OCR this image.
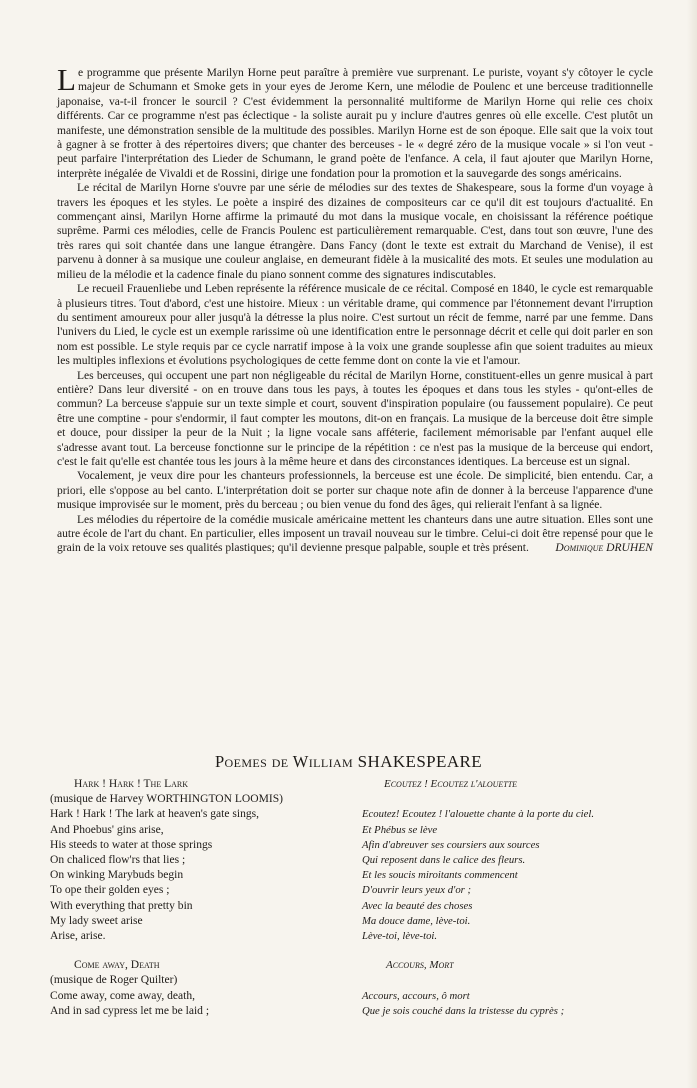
Le programme que présente Marilyn Horne peut paraître à première vue surprenant. Le puriste, voyant s'y côtoyer le cycle majeur de Schumann et Smoke gets in your eyes de Jerome Kern, une mélodie de Poulenc et une berceuse traditionnelle japonaise, va-t-il froncer le sourcil ? C'est évidemment la personnalité multiforme de Marilyn Horne qui relie ces choix différents. Car ce programme n'est pas éclectique - la soliste aurait pu y inclure d'autres genres où elle excelle. C'est plutôt un manifeste, une démonstration sensible de la multitude des possibles. Marilyn Horne est de son époque. Elle sait que la voix tout à gagner à se frotter à des répertoires divers; que chanter des berceuses - le « degré zéro de la musique vocale » si l'on veut - peut parfaire l'interprétation des Lieder de Schumann, le grand poète de l'enfance. A cela, il faut ajouter que Marilyn Horne, interprète inégalée de Vivaldi et de Rossini, dirige une fondation pour la promotion et la sauvegarde des songs américains.

Le récital de Marilyn Horne s'ouvre par une série de mélodies sur des textes de Shakespeare, sous la forme d'un voyage à travers les époques et les styles. Le poète a inspiré des dizaines de compositeurs car ce qu'il dit est toujours d'actualité. En commençant ainsi, Marilyn Horne affirme la primauté du mot dans la musique vocale, en choisissant la référence poétique suprême. Parmi ces mélodies, celle de Francis Poulenc est particulièrement remarquable. C'est, dans tout son œuvre, l'une des très rares qui soit chantée dans une langue étrangère. Dans Fancy (dont le texte est extrait du Marchand de Venise), il est parvenu à donner à sa musique une couleur anglaise, en demeurant fidèle à la musicalité des mots. Et seules une modulation au milieu de la mélodie et la cadence finale du piano sonnent comme des signatures indiscutables.

Le recueil Frauenliebe und Leben représente la référence musicale de ce récital. Composé en 1840, le cycle est remarquable à plusieurs titres. Tout d'abord, c'est une histoire. Mieux : un véritable drame, qui commence par l'étonnement devant l'irruption du sentiment amoureux pour aller jusqu'à la détresse la plus noire. C'est surtout un récit de femme, narré par une femme. Dans l'univers du Lied, le cycle est un exemple rarissime où une identification entre le personnage décrit et celle qui doit parler en son nom est possible. Le style requis par ce cycle narratif impose à la voix une grande souplesse afin que soient traduites au mieux les multiples inflexions et évolutions psychologiques de cette femme dont on conte la vie et l'amour.

Les berceuses, qui occupent une part non négligeable du récital de Marilyn Horne, constituent-elles un genre musical à part entière? Dans leur diversité - on en trouve dans tous les pays, à toutes les époques et dans tous les styles - qu'ont-elles de commun? La berceuse s'appuie sur un texte simple et court, souvent d'inspiration populaire (ou faussement populaire). Ce peut être une comptine - pour s'endormir, il faut compter les moutons, dit-on en français. La musique de la berceuse doit être simple et douce, pour dissiper la peur de la Nuit ; la ligne vocale sans afféterie, facilement mémorisable par l'enfant auquel elle s'adresse avant tout. La berceuse fonctionne sur le principe de la répétition : ce n'est pas la musique de la berceuse qui endort, c'est le fait qu'elle est chantée tous les jours à la même heure et dans des circonstances identiques. La berceuse est un signal.

Vocalement, je veux dire pour les chanteurs professionnels, la berceuse est une école. De simplicité, bien entendu. Car, a priori, elle s'oppose au bel canto. L'interprétation doit se porter sur chaque note afin de donner à la berceuse l'apparence d'une musique improvisée sur le moment, près du berceau ; ou bien venue du fond des âges, qui relierait l'enfant à sa lignée.

Les mélodies du répertoire de la comédie musicale américaine mettent les chanteurs dans une autre situation. Elles sont une autre école de l'art du chant. En particulier, elles imposent un travail nouveau sur le timbre. Celui-ci doit être repensé pour que le grain de la voix retouve ses qualités plastiques; qu'il devienne presque palpable, souple et très présent.	Dominique DRUHEN
Poemes de William SHAKESPEARE
Hark ! Hark ! The Lark
(musique de Harvey WORTHINGTON LOOMIS)
Hark ! Hark ! The lark at heaven's gate sings,
And Phoebus' gins arise,
His steeds to water at those springs
On chaliced flow'rs that lies ;
On winking Marybuds begin
To ope their golden eyes ;
With everything that pretty bin
My lady sweet arise
Arise, arise.
Come away, Death
(musique de Roger Quilter)
Come away, come away, death,
And in sad cypress let me be laid ;
Ecoutez ! Ecoutez l'alouette

Ecoutez! Ecoutez ! l'alouette chante à la porte du ciel.
Et Phébus se lève
Afin d'abreuver ses coursiers aux sources
Qui reposent dans le calice des fleurs.
Et les soucis miroitants commencent
D'ouvrir leurs yeux d'or ;
Avec la beauté des choses
Ma douce dame, lève-toi.
Lève-toi, lève-toi.
Accours, Mort

Accours, accours, ô mort
Que je sois couché dans la tristesse du cyprès ;
